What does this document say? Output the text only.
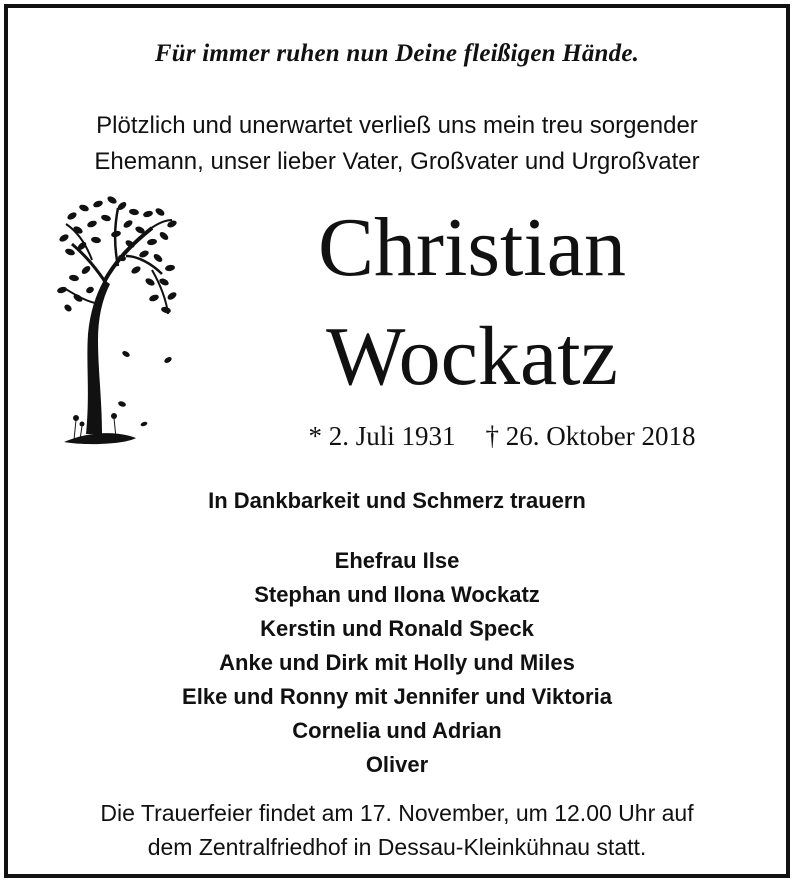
Für immer ruhen nun Deine fleißigen Hände.
Plötzlich und unerwartet verließ uns mein treu sorgender
Ehemann, unser lieber Vater, Großvater und Urgroßvater
Christian
Wockatz
* 2. Juli 1931 † 26. Oktober 2018
In Dankbarkeit und Schmerz trauern
Ehefrau Ilse
Stephan und Ilona Wockatz
Kerstin und Ronald Speck
Anke und Dirk mit Holly und Miles
Elke und Ronny mit Jennifer und Viktoria
Cornelia und Adrian
Oliver
Die Trauerfeier findet am 17. November, um 12.00 Uhr auf
dem Zentralfriedhof in Dessau-Kleinkühnau statt.
